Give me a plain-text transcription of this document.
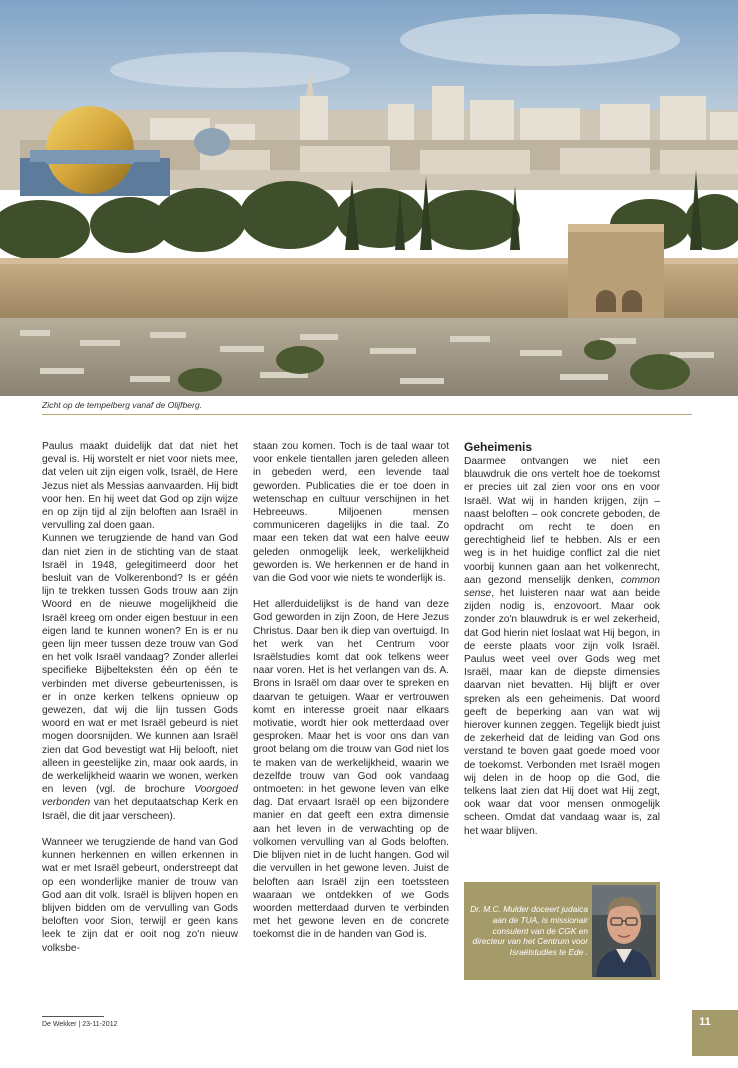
Zicht op de tempelberg vanaf de Olijfberg.

Paulus maakt duidelijk dat dat niet het geval is. Hij worstelt er niet voor niets mee, dat velen uit zijn eigen volk, Israël, de Here Jezus niet als Messias aanvaarden. Hij bidt voor hen. En hij weet dat God op zijn wijze en op zijn tijd al zijn beloften aan Israël in vervulling zal doen gaan.

Kunnen we terugziende de hand van God dan niet zien in de stichting van de staat Israël in 1948, gelegitimeerd door het besluit van de Volkerenbond? Is er géén lijn te trekken tussen Gods trouw aan zijn Woord en de nieuwe mogelijkheid die Israël kreeg om onder eigen bestuur in een eigen land te kunnen wonen? En is er nu geen lijn meer tussen deze trouw van God en het volk Israël vandaag? Zonder allerlei specifieke Bijbelteksten één op één te verbinden met diverse gebeurtenissen, is er in onze kerken telkens opnieuw op gewezen, dat wij die lijn tussen Gods woord en wat er met Israël gebeurd is niet mogen doorsnijden. We kunnen aan Israël zien dat God bevestigt wat Hij belooft, niet alleen in geestelijke zin, maar ook aards, in de werkelijkheid waarin we wonen, werken en leven (vgl. de brochure Voorgoed verbonden van het deputaatschap Kerk en Israël, die dit jaar verscheen).

Wanneer we terugziende de hand van God kunnen herkennen en willen erkennen in wat er met Israël gebeurt, onderstreept dat op een wonderlijke manier de trouw van God aan dit volk. Israël is blijven hopen en blijven bidden om de vervulling van Gods beloften voor Sion, terwijl er geen kans leek te zijn dat er ooit nog zo'n nieuw volksbe-

staan zou komen. Toch is de taal waar tot voor enkele tientallen jaren geleden alleen in gebeden werd, een levende taal geworden. Publicaties die er toe doen in wetenschap en cultuur verschijnen in het Hebreeuws. Miljoenen mensen communiceren dagelijks in die taal. Zo maar een teken dat wat een halve eeuw geleden onmogelijk leek, werkelijkheid geworden is. We herkennen er de hand in van die God voor wie niets te wonderlijk is.

Het allerduidelijkst is de hand van deze God geworden in zijn Zoon, de Here Jezus Christus. Daar ben ik diep van overtuigd. In het werk van het Centrum voor Israëlstudies komt dat ook telkens weer naar voren. Het is het verlangen van ds. A. Brons in Israël om daar over te spreken en daarvan te getuigen. Waar er vertrouwen komt en interesse groeit naar elkaars motivatie, wordt hier ook metterdaad over gesproken. Maar het is voor ons dan van groot belang om die trouw van God niet los te maken van de werkelijkheid, waarin we dezelfde trouw van God ook vandaag ontmoeten: in het gewone leven van elke dag. Dat ervaart Israël op een bijzondere manier en dat geeft een extra dimensie aan het leven in de verwachting op de volkomen vervulling van al Gods beloften. Die blijven niet in de lucht hangen. God wil die vervullen in het gewone leven. Juist de beloften aan Israël zijn een toetssteen waaraan we ontdekken of we Gods woorden metterdaad durven te verbinden met het gewone leven en de concrete toekomst die in de handen van God is.

Geheimenis

Daarmee ontvangen we niet een blauwdruk die ons vertelt hoe de toekomst er precies uit zal zien voor ons en voor Israël. Wat wij in handen krijgen, zijn – naast beloften – ook concrete geboden, de opdracht om recht te doen en gerechtigheid lief te hebben. Als er een weg is in het huidige conflict zal die niet voorbij kunnen gaan aan het volkenrecht, aan gezond menselijk denken, common sense, het luisteren naar wat aan beide zijden nodig is, enzovoort. Maar ook zonder zo'n blauwdruk is er wel zekerheid, dat God hierin niet loslaat wat Hij begon, in de eerste plaats voor zijn volk Israël. Paulus weet veel over Gods weg met Israël, maar kan de diepste dimensies daarvan niet bevatten. Hij blijft er over spreken als een geheimenis. Dat woord geeft de beperking aan van wat wij hierover kunnen zeggen. Tegelijk biedt juist de zekerheid dat de leiding van God ons verstand te boven gaat goede moed voor de toekomst. Verbonden met Israël mogen wij delen in de hoop op die God, die telkens laat zien dat Hij doet wat Hij zegt, ook waar dat voor mensen onmogelijk scheen. Omdat dat vandaag waar is, zal het waar blijven.

Dr. M.C. Mulder doceert judaica aan de TUA, is missionair consulent van de CGK en directeur van het Centrum voor Israëlstudies te Ede .
De Wekker | 23-11-2012	11
